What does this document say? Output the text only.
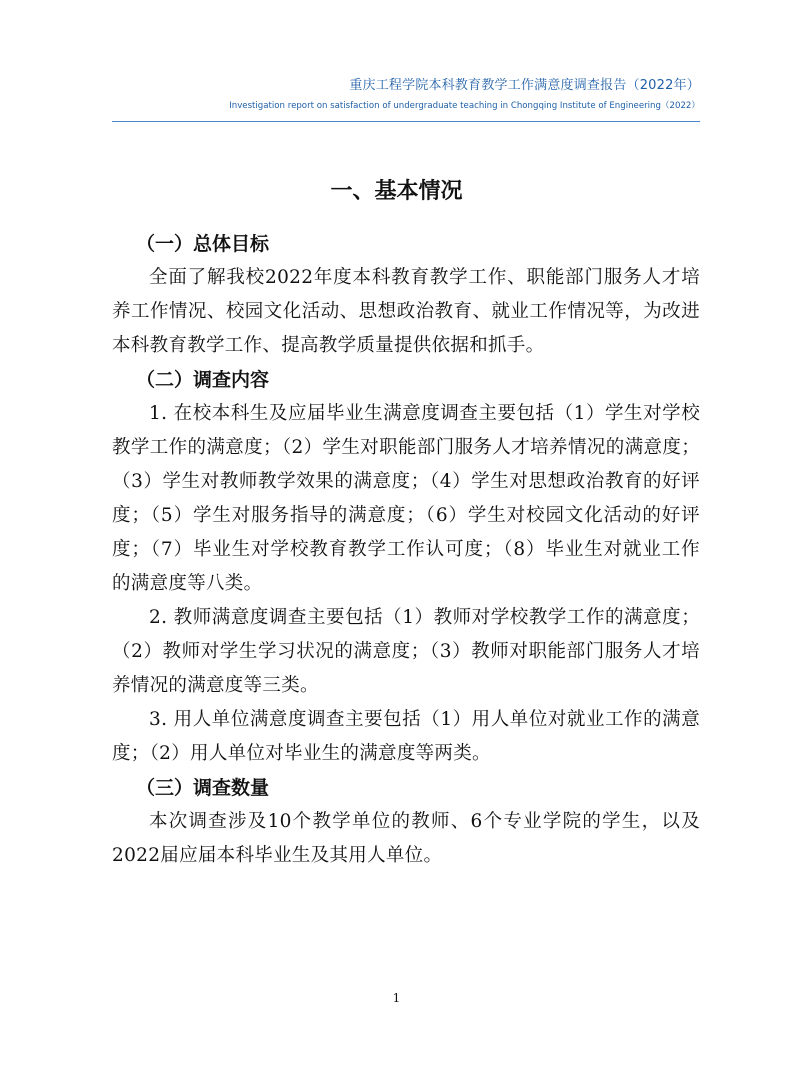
重庆工程学院本科教育教学工作满意度调查报告（2022年）
Investigation report on satisfaction of undergraduate teaching in Chongqing Institute of Engineering（2022）
一、基本情况
（一）总体目标

全面了解我校2022年度本科教育教学工作、职能部门服务人才培养工作情况、校园文化活动、思想政治教育、就业工作情况等，为改进本科教育教学工作、提高教学质量提供依据和抓手。

（二）调查内容

1. 在校本科生及应届毕业生满意度调查主要包括（1）学生对学校教学工作的满意度；（2）学生对职能部门服务人才培养情况的满意度；（3）学生对教师教学效果的满意度；（4）学生对思想政治教育的好评度；（5）学生对服务指导的满意度；（6）学生对校园文化活动的好评度；（7）毕业生对学校教育教学工作认可度；（8）毕业生对就业工作的满意度等八类。

2. 教师满意度调查主要包括（1）教师对学校教学工作的满意度；（2）教师对学生学习状况的满意度；（3）教师对职能部门服务人才培养情况的满意度等三类。

3. 用人单位满意度调查主要包括（1）用人单位对就业工作的满意度；（2）用人单位对毕业生的满意度等两类。

（三）调查数量

本次调查涉及10个教学单位的教师、6个专业学院的学生，以及2022届应届本科毕业生及其用人单位。

1
